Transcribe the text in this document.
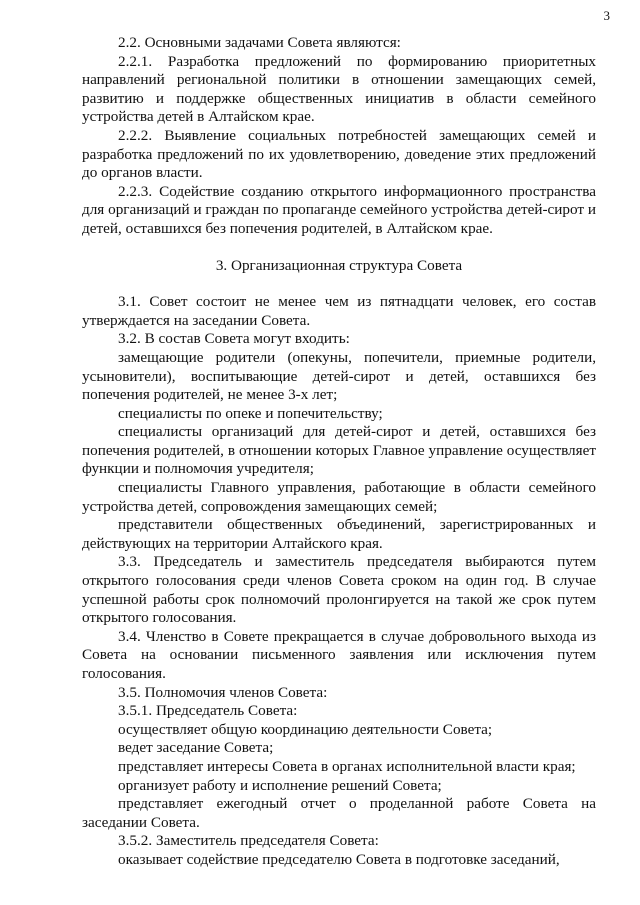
3

2.2. Основными задачами Совета являются:

2.2.1. Разработка предложений по формированию приоритетных направлений региональной политики в отношении замещающих семей, развитию и поддержке общественных инициатив в области семейного устройства детей в Алтайском крае.

2.2.2. Выявление социальных потребностей замещающих семей и разработка предложений по их удовлетворению, доведение этих предложений до органов власти.

2.2.3. Содействие созданию открытого информационного пространства для организаций и граждан по пропаганде семейного устройства детей-сирот и детей, оставшихся без попечения родителей, в Алтайском крае.

3. Организационная структура Совета

3.1. Совет состоит не менее чем из пятнадцати человек, его состав утверждается на заседании Совета.

3.2. В состав Совета могут входить:

замещающие родители (опекуны, попечители, приемные родители, усыновители), воспитывающие детей-сирот и детей, оставшихся без попечения родителей, не менее 3-х лет;

специалисты по опеке и попечительству;

специалисты организаций для детей-сирот и детей, оставшихся без попечения родителей, в отношении которых Главное управление осуществляет функции и полномочия учредителя;

специалисты Главного управления, работающие в области семейного устройства детей, сопровождения замещающих семей;

представители общественных объединений, зарегистрированных и действующих на территории Алтайского края.

3.3. Председатель и заместитель председателя выбираются путем открытого голосования среди членов Совета сроком на один год. В случае успешной работы срок полномочий пролонгируется на такой же срок путем открытого голосования.

3.4. Членство в Совете прекращается в случае добровольного выхода из Совета на основании письменного заявления или исключения путем голосования.

3.5. Полномочия членов Совета:

3.5.1. Председатель Совета:

осуществляет общую координацию деятельности Совета;

ведет заседание Совета;

представляет интересы Совета в органах исполнительной власти края;

организует работу и исполнение решений Совета;

представляет ежегодный отчет о проделанной работе Совета на заседании Совета.

3.5.2. Заместитель председателя Совета:

оказывает содействие председателю Совета в подготовке заседаний,
